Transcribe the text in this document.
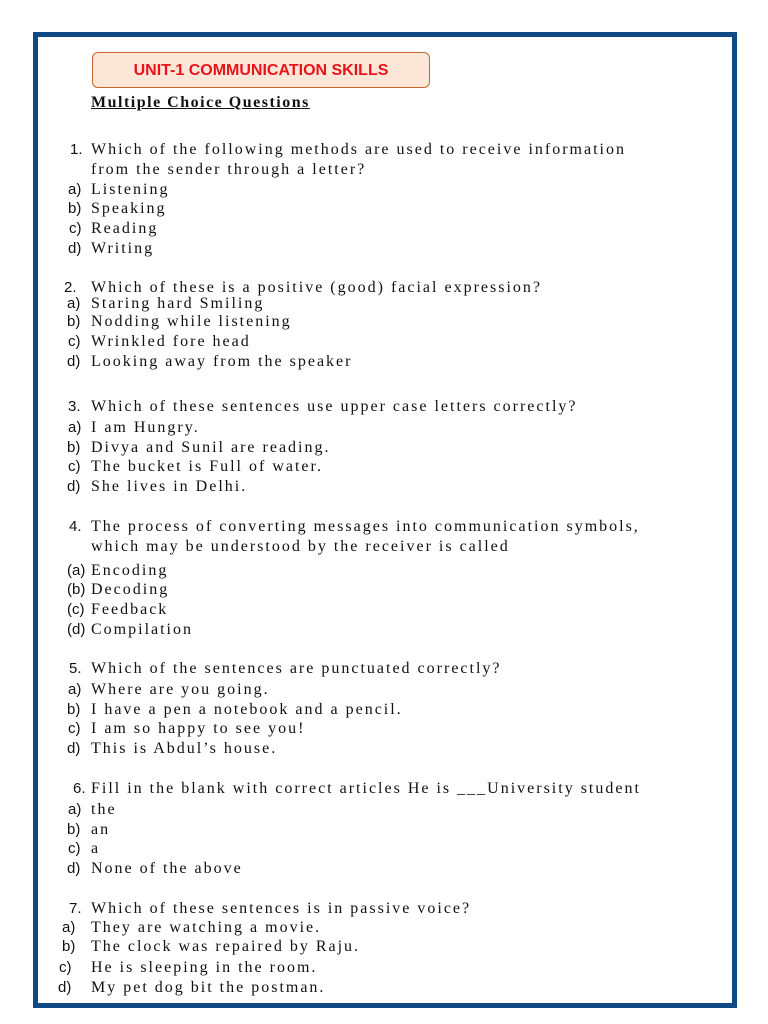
UNIT-1 COMMUNICATION SKILLS
Multiple Choice Questions
1. Which of the following methods are used to receive information
from the sender through a letter?
a) Listening
b) Speaking
c) Reading
d) Writing
2. Which of these is a positive (good) facial expression?
a) Staring hard Smiling
b) Nodding while listening
c) Wrinkled fore head
d) Looking away from the speaker
3. Which of these sentences use upper case letters correctly?
a) I am Hungry.
b) Divya and Sunil are reading.
c) The bucket is Full of water.
d) She lives in Delhi.
4. The process of converting messages into communication symbols,
which may be understood by the receiver is called
(a) Encoding
(b) Decoding
(c) Feedback
(d) Compilation
5. Which of the sentences are punctuated correctly?
a) Where are you going.
b) I have a pen a notebook and a pencil.
c) I am so happy to see you!
d) This is Abdul’s house.
6. Fill in the blank with correct articles He is ___University student
a) the
b) an
c) a
d) None of the above
7. Which of these sentences is in passive voice?
a) They are watching a movie.
b) The clock was repaired by Raju.
c) He is sleeping in the room.
d) My pet dog bit the postman.
